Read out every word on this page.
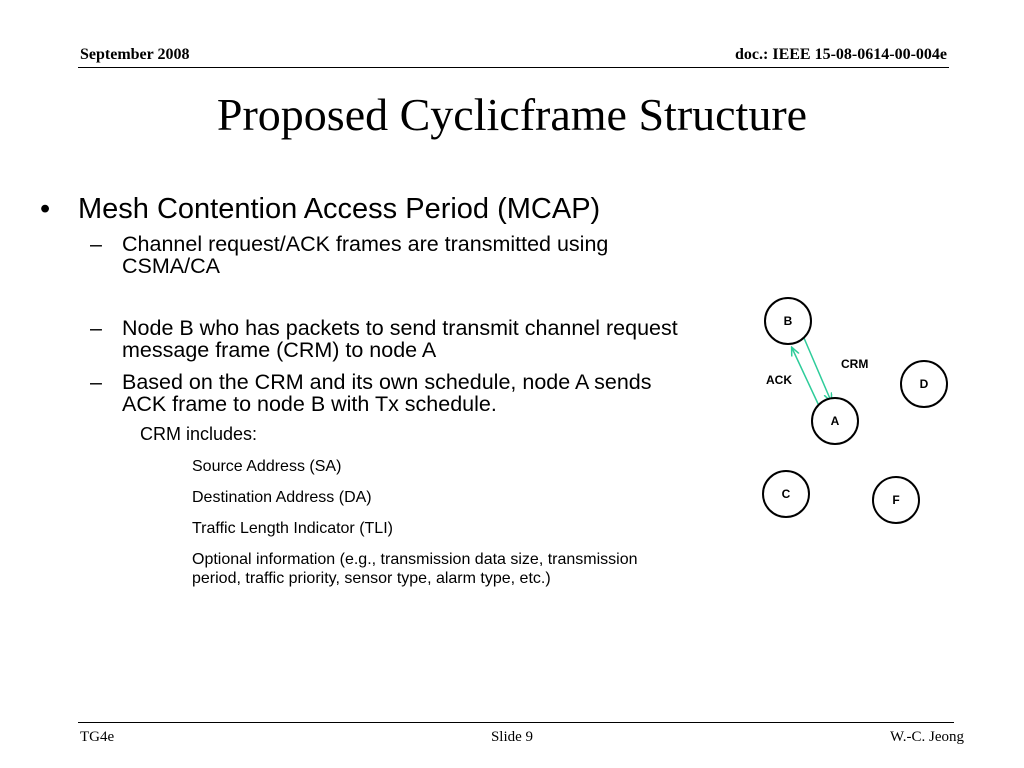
September 2008	doc.: IEEE 15-08-0614-00-004e
Proposed Cyclicframe Structure
• Mesh Contention Access Period (MCAP)
– Channel request/ACK frames are transmitted using CSMA/CA
– Node B who has packets to send transmit channel request message frame (CRM) to node A
– Based on the CRM and its own schedule, node A sends ACK frame to node B with Tx schedule.
CRM includes:
Source Address (SA)
Destination Address (DA)
Traffic Length Indicator (TLI)
Optional information (e.g., transmission data size, transmission period, traffic priority, sensor type, alarm type, etc.)
CRM
ACK
B
D
A
C	F
TG4e	Slide 9	W.-C. Jeong
